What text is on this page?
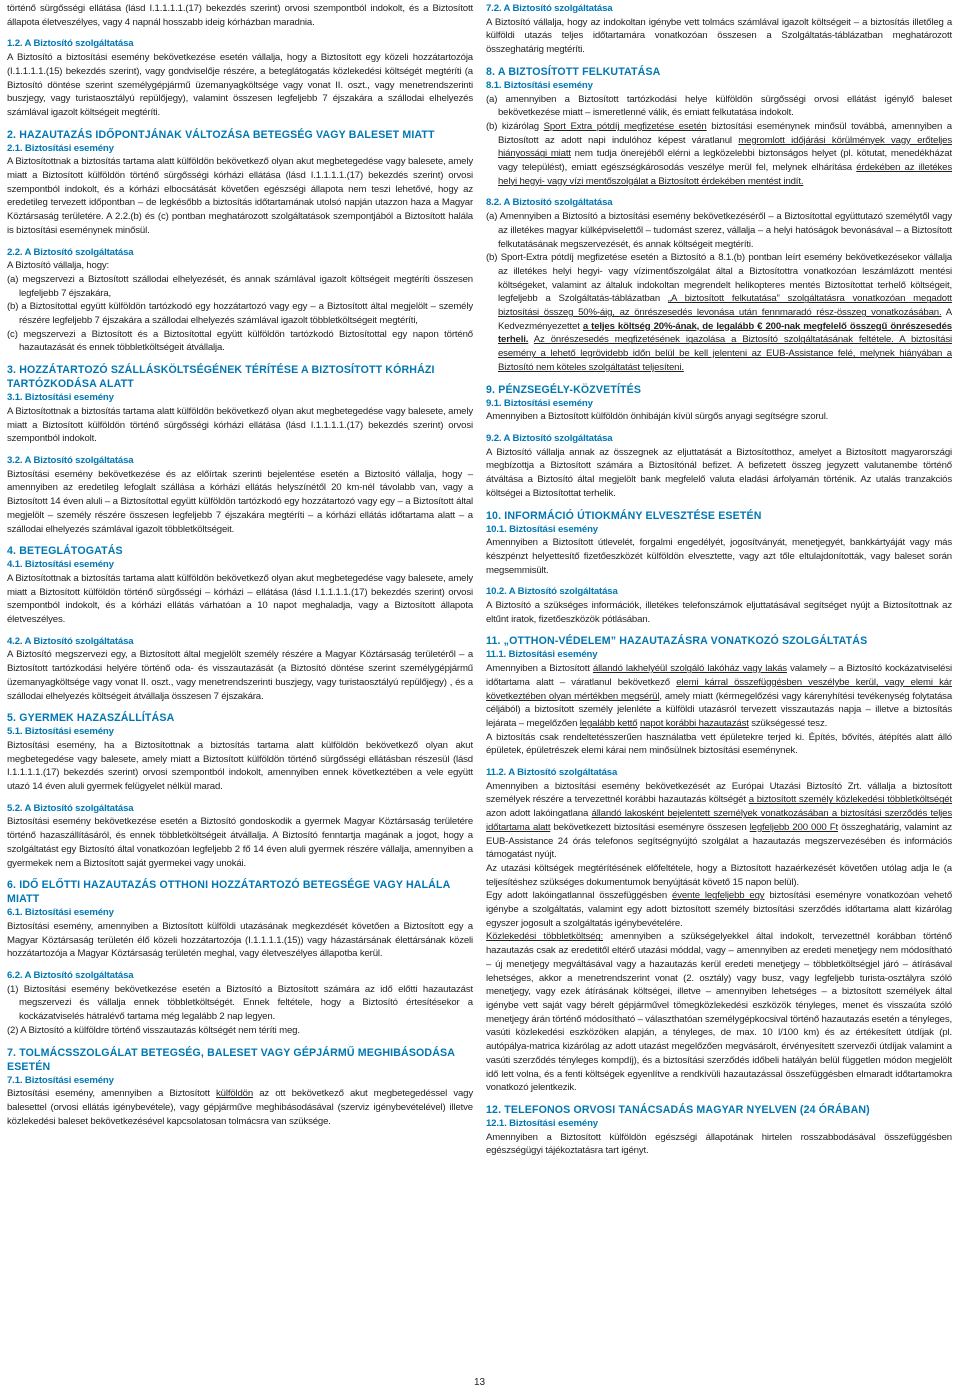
történő sürgősségi ellátása (lásd I.1.1.1.1.(17) bekezdés szerint) orvosi szempontból indokolt, és a Biztosított állapota életveszélyes, vagy 4 napnál hosszabb ideig kórházban maradnia.

1.2. A Biztosító szolgáltatása

A Biztosító a biztosítási esemény bekövetkezése esetén vállalja, hogy a Biztosított egy közeli hozzátartozója (I.1.1.1.1.(15) bekezdés szerint), vagy gondviselője részére, a beteglátogatás közlekedési költségét megtéríti (a Biztosító döntése szerint személygépjármű üzemanyagköltsége vagy vonat II. oszt., vagy menetrendszerinti buszjegy, vagy turistaosztályú repülőjegy), valamint összesen legfeljebb 7 éjszakára a szállodai elhelyezés számlával igazolt költségeit megtéríti.

2. HAZAUTAZÁS IDŐPONTJÁNAK VÁLTOZÁSA BETEGSÉG VAGY BALESET MIATT
2.1. Biztosítási esemény

A Biztosítottnak a biztosítás tartama alatt külföldön bekövetkező olyan akut megbetegedése vagy balesete, amely miatt a Biztosított külföldön történő sürgősségi kórházi ellátása (lásd I.1.1.1.1.(17) bekezdés szerint) orvosi szempontból indokolt, és a kórházi elbocsátását követően egészségi állapota nem teszi lehetővé, hogy az eredetileg tervezett időpontban – de legkésőbb a biztosítás időtartamának utolsó napján utazzon haza a Magyar Köztársaság területére. A 2.2.(b) és (c) pontban meghatározott szolgáltatások szempontjából a Biztosított halála is biztosítási eseménynek minősül.

2.2. A Biztosító szolgáltatása

A Biztosító vállalja, hogy:

(a) megszervezi a Biztosított szállodai elhelyezését, és annak számlával igazolt költségeit megtéríti összesen legfeljebb 7 éjszakára,

(b) a Biztosítottal együtt külföldön tartózkodó egy hozzátartozó vagy egy – a Biztosított által megjelölt – személy részére legfeljebb 7 éjszakára a szállodai elhelyezés számlával igazolt többletköltségeit megtéríti,

(c) megszervezi a Biztosított és a Biztosítottal együtt külföldön tartózkodó Biztosítottal egy napon történő hazautazását és ennek többletköltségeit átvállalja.

3. HOZZÁTARTOZÓ SZÁLLÁSKÖLTSÉGÉNEK TÉRÍTÉSE A BIZTOSÍTOTT KÓRHÁZI TARTÓZKODÁSA ALATT
3.1. Biztosítási esemény

A Biztosítottnak a biztosítás tartama alatt külföldön bekövetkező olyan akut megbetegedése vagy balesete, amely miatt a Biztosított külföldön történő sürgősségi kórházi ellátása (lásd I.1.1.1.1.(17) bekezdés szerint) orvosi szempontból indokolt.

3.2. A Biztosító szolgáltatása

Biztosítási esemény bekövetkezése és az előírtak szerinti bejelentése esetén a Biztosító vállalja, hogy – amennyiben az eredetileg lefoglalt szállása a kórházi ellátás helyszínétől 20 km-nél távolabb van, vagy a Biztosított 14 éven aluli – a Biztosítottal együtt külföldön tartózkodó egy hozzátartozó vagy egy – a Biztosított által megjelölt – személy részére összesen legfeljebb 7 éjszakára megtéríti – a kórházi ellátás időtartama alatt – a szállodai elhelyezés számlával igazolt többletköltségeit.

4. BETEGLÁTOGATÁS
4.1. Biztosítási esemény

A Biztosítottnak a biztosítás tartama alatt külföldön bekövetkező olyan akut megbetegedése vagy balesete, amely miatt a Biztosított külföldön történő sürgősségi – kórházi – ellátása (lásd I.1.1.1.1.(17) bekezdés szerint) orvosi szempontból indokolt, és a kórházi ellátás várhatóan a 10 napot meghaladja, vagy a Biztosított állapota életveszélyes.

4.2. A Biztosító szolgáltatása

A Biztosító megszervezi egy, a Biztosított által megjelölt személy részére a Magyar Köztársaság területéről – a Biztosított tartózkodási helyére történő oda- és visszautazását (a Biztosító döntése szerint személygépjármű üzemanyagköltsége vagy vonat II. oszt., vagy menetrendszerinti buszjegy, vagy turistaosztályú repülőjegy) , és a szállodai elhelyezés költségeit átvállalja összesen 7 éjszakára.

5. GYERMEK HAZASZÁLLÍTÁSA
5.1. Biztosítási esemény

Biztosítási esemény, ha a Biztosítottnak a biztosítás tartama alatt külföldön bekövetkező olyan akut megbetegedése vagy balesete, amely miatt a Biztosított külföldön történő sürgősségi ellátásban részesül (lásd I.1.1.1.1.(17) bekezdés szerint) orvosi szempontból indokolt, amennyiben ennek következtében a vele együtt utazó 14 éven aluli gyermek felügyelet nélkül marad.

5.2. A Biztosító szolgáltatása

Biztosítási esemény bekövetkezése esetén a Biztosító gondoskodik a gyermek Magyar Köztársaság területére történő hazaszállításáról, és ennek többletköltségeit átvállalja. A Biztosító fenntartja magának a jogot, hogy a szolgáltatást egy Biztosító által vonatkozóan legfeljebb 2 fő 14 éven aluli gyermek részére vállalja, amennyiben a gyermekek nem a Biztosított saját gyermekei vagy unokái.

6. IDŐ ELŐTTI HAZAUTAZÁS OTTHONI HOZZÁTARTOZÓ BETEGSÉGE VAGY HALÁLA MIATT
6.1. Biztosítási esemény

Biztosítási esemény, amennyiben a Biztosított külföldi utazásának megkezdését követően a Biztosított egy a Magyar Köztársaság területén élő közeli hozzátartozója (I.1.1.1.1.(15)) vagy házastársának élettársának közeli hozzátartozója a Magyar Köztársaság területén meghal, vagy életveszélyes állapotba kerül.

6.2. A Biztosító szolgáltatása

(1) Biztosítási esemény bekövetkezése esetén a Biztosító a Biztosított számára az idő előtti hazautazást megszervezi és vállalja ennek többletköltségét. Ennek feltétele, hogy a Biztosító értesítésekor a kockázatviselés hátralévő tartama még legalább 2 nap legyen.

(2) A Biztosító a külföldre történő visszautazás költségét nem téríti meg.

7. TOLMÁCSSZOLGÁLAT BETEGSÉG, BALESET VAGY GÉPJÁRMŰ MEGHIBÁSODÁSA ESETÉN
7.1. Biztosítási esemény

Biztosítási esemény, amennyiben a Biztosított külföldön az ott bekövetkező akut megbetegedéssel vagy balesettel (orvosi ellátás igénybevétele), vagy gépjárműve meghibásodásával (szerviz igénybevételével) illetve közlekedési baleset bekövetkezésével kapcsolatosan tolmácsra van szüksége.

7.2. A Biztosító szolgáltatása

A Biztosító vállalja, hogy az indokoltan igénybe vett tolmács számlával igazolt költségeit – a biztosítás illetőleg a külföldi utazás teljes időtartamára vonatkozóan összesen a Szolgáltatás-táblázatban meghatározott összeghatárig megtéríti.

8. A BIZTOSÍTOTT FELKUTATÁSA
8.1. Biztosítási esemény

(a) amennyiben a Biztosított tartózkodási helye külföldön sürgősségi orvosi ellátást igénylő baleset bekövetkezése miatt – ismeretlenné válik, és emiatt felkutatása indokolt.

(b) kizárólag Sport Extra pótdíj megfizetése esetén biztosítási eseménynek minősül továbbá, amennyiben a Biztosított az adott napi indulóhoz képest váratlanul megromlott időjárási körülmények vagy erőteljes hiányossági miatt nem tudja önerejéből elérni a legközelebbi biztonságos helyet (pl. kötutat, menedékházat vagy települést), emiatt egészségkárosodás veszélye merül fel, melynek elhárítása érdekében az illetékes helyi hegyi- vagy vízi mentőszolgálat a Biztosított érdekében mentést indít.

8.2. A Biztosító szolgáltatása

(a) Amennyiben a Biztosító a biztosítási esemény bekövetkezéséről – a Biztosítottal együttutazó személytől vagy az illetékes magyar külképviselettől – tudomást szerez, vállalja – a helyi hatóságok bevonásával – a Biztosított felkutatásának megszervezését, és annak költségeit megtéríti.

(b) Sport-Extra pótdíj megfizetése esetén a Biztosító a 8.1.(b) pontban leírt esemény bekövetkezésekor vállalja az illetékes helyi hegyi- vagy vízimentőszolgálat által a Biztosítottra vonatkozóan leszámlázott mentési költségeket, valamint az általuk indokoltan megrendelt helikopteres mentés Biztosítottat terhelő költségeit, legfeljebb a Szolgáltatás-táblázatban „A biztosított felkutatása” szolgáltatásra vonatkozóan megadott biztosítási összeg 50%-áig, az önrészesedés levonása után fennmaradó rész-összeg vonatkozásában. A Kedvezményezettet a teljes költség 20%-ának, de legalább € 200-nak megfelelő összegű önrészesedés terheli. Az önrészesedés megfizetésének igazolása a Biztosító szolgáltatásának feltétele. A biztosítási esemény a lehető legrövidebb időn belül be kell jelenteni az EUB-Assistance felé, melynek hiányában a Biztosító nem köteles szolgáltatást teljesíteni.

9. PÉNZSEGÉLY-KÖZVETÍTÉS
9.1. Biztosítási esemény

Amennyiben a Biztosított külföldön önhibáján kívül sürgős anyagi segítségre szorul.

9.2. A Biztosító szolgáltatása

A Biztosító vállalja annak az összegnek az eljuttatását a Biztosítotthoz, amelyet a Biztosított magyarországi megbízottja a Biztosított számára a Biztosítónál befizet. A befizetett összeg jegyzett valutanembe történő átváltása a Biztosító által megjelölt bank megfelelő valuta eladási árfolyamán történik. Az utalás tranzakciós költségei a Biztosítottat terhelik.

10. INFORMÁCIÓ ÚTIOKMÁNY ELVESZTÉSE ESETÉN
10.1. Biztosítási esemény

Amennyiben a Biztosított útlevelét, forgalmi engedélyét, jogosítványát, menetjegyét, bankkártyáját vagy más készpénzt helyettesítő fizetőeszközét külföldön elvesztette, vagy azt tőle eltulajdonították, vagy baleset során megsemmisült.

10.2. A Biztosító szolgáltatása

A Biztosító a szükséges információk, illetékes telefonszámok eljuttatásával segítséget nyújt a Biztosítottnak az eltűnt iratok, fizetőeszközök pótlásában.

11. „OTTHON-VÉDELEM” HAZAUTAZÁSRA VONATKOZÓ SZOLGÁLTATÁS
11.1. Biztosítási esemény

Amennyiben a Biztosított állandó lakhelyéül szolgáló lakóház vagy lakás valamely – a Biztosító kockázatviselési időtartama alatt – váratlanul bekövetkező elemi kárral összefüggésben veszélybe kerül, vagy elemi kár következtében olyan mértékben megsérül, amely miatt (kérmegelőzési vagy kárenyhítési tevékenység folytatása céljából) a biztosított személy jelenléte a külföldi utazásról tervezett visszautazás napja – illetve a biztosítás lejárata – megelőzően legalább kettő napot korábbi hazautazást szükségessé tesz.

A biztosítás csak rendeltetésszerűen használatba vett épületekre terjed ki. Építés, bővítés, átépítés alatt álló épületek, épületrészek elemi kárai nem minősülnek biztosítási eseménynek.

11.2. A Biztosító szolgáltatása

Amennyiben a biztosítási esemény bekövetkezését az Európai Utazási Biztosító Zrt. vállalja a biztosított személyek részére a tervezettnél korábbi hazautazás költségét a biztosított személy közlekedési többletköltségét azon adott lakóingatlana állandó lakosként bejelentett személyek vonatkozásában a biztosítási szerződés teljes időtartama alatt bekövetkezett biztosítási eseményre összesen legfeljebb 200 000 Ft összeghatárig, valamint az EUB-Assistance 24 órás telefonos segítségnyújtó szolgálat a hazautazás megszervezésében és információs támogatást nyújt.

Az utazási költségek megtérítésének előfeltétele, hogy a Biztosított hazaérkezését követően utólag adja le (a teljesítéshez szükséges dokumentumok benyújtását követő 15 napon belül).

Egy adott lakóingatlannal összefüggésben évente legfeljebb egy biztosítási eseményre vonatkozóan vehető igénybe a szolgáltatás, valamint egy adott biztosított személy biztosítási szerződés időtartama alatt kizárólag egyszer jogosult a szolgáltatás igénybevételére.

Közlekedési többletköltség: amennyiben a szükségelyekkel által indokolt, tervezettnél korábban történő hazautazás csak az eredetitől eltérő utazási móddal, vagy – amennyiben az eredeti menetjegy nem módosítható – új menetjegy megváltásával vagy a hazautazás kerül eredeti menetjegy – többletköltségjel járó – átírásával lehetséges, akkor a menetrendszerint vonat (2. osztály) vagy busz, vagy legfeljebb turista-osztályra szóló menetjegy, vagy ezek átírásának költségei, illetve – amennyiben lehetséges – a biztosított személyek által igénybe vett saját vagy bérelt gépjárművel tömegközlekedési eszközök tényleges, menet és visszaúta szóló menetjegy árán történő módosítható – választhatóan személygépkocsival történő hazautazás esetén a tényleges, vasúti közlekedési eszközöken alapján, a tényleges, de max. 10 l/100 km) és az értékesített útdíjak (pl. autópálya-matrica kizárólag az adott utazást megelőzően megvásárolt, érvényesített szervezői útdíjak valamint a vasúti szerződés tényleges kompdíj), és a biztosítási szerződés időbeli hatályán belül független módon megjelölt idő lett volna, és a fenti költségek egyenlítve a rendkívüli hazautazással összefüggésben elmaradt időtartamokra vonatkozó jelentkezik.

12. TELEFONOS ORVOSI TANÁCSADÁS MAGYAR NYELVEN (24 ÓRÁBAN)
12.1. Biztosítási esemény

Amennyiben a Biztosított külföldön egészségi állapotának hirtelen rosszabbodásával összefüggésben egészségügyi tájékoztatásra tart igényt.

13
